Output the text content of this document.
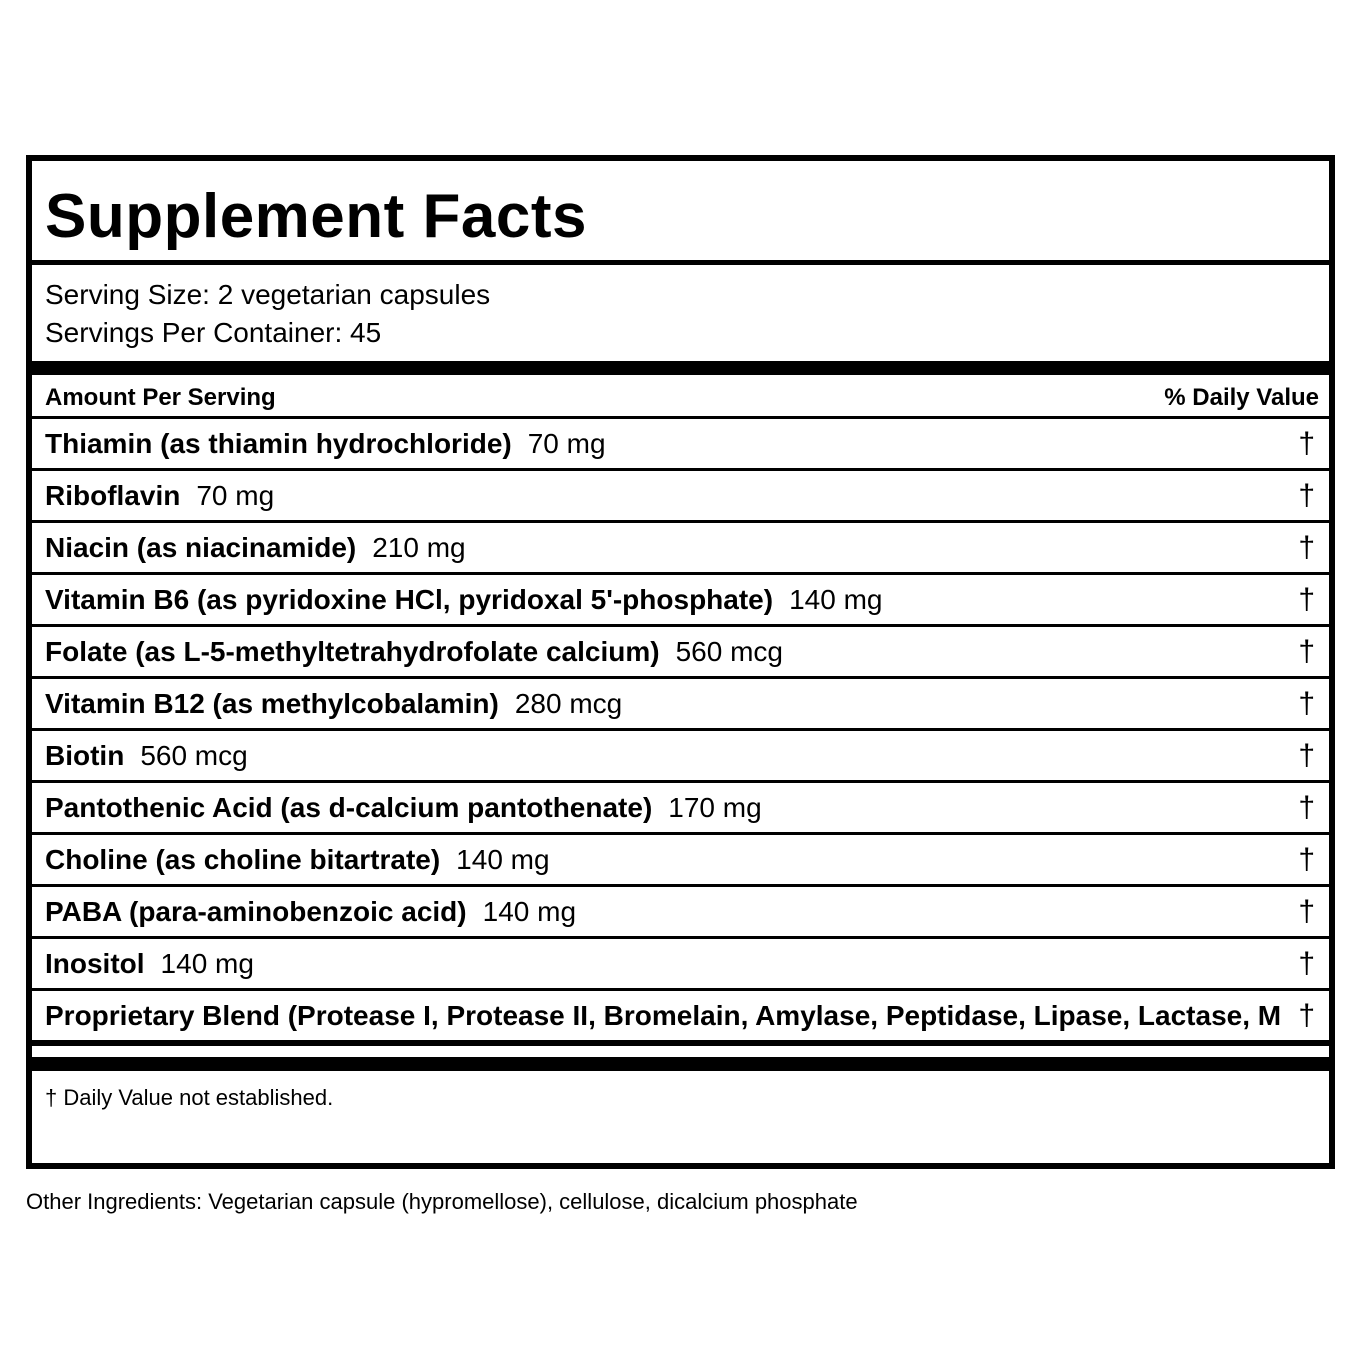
Supplement Facts
Serving Size: 2 vegetarian capsules
Servings Per Container: 45
Amount Per Serving	% Daily Value
Thiamin (as thiamin hydrochloride) 70 mg	†
Riboflavin 70 mg	†
Niacin (as niacinamide) 210 mg	†
Vitamin B6 (as pyridoxine HCl, pyridoxal 5'-phosphate) 140 mg	†
Folate (as L-5-methyltetrahydrofolate calcium) 560 mcg	†
Vitamin B12 (as methylcobalamin) 280 mcg	†
Biotin 560 mcg	†
Pantothenic Acid (as d-calcium pantothenate) 170 mg	†
Choline (as choline bitartrate) 140 mg	†
PABA (para-aminobenzoic acid) 140 mg	†
Inositol 140 mg	†
Proprietary Blend (Protease I, Protease II, Bromelain, Amylase, Peptidase, Lipase, Lactase, M †
† Daily Value not established.
Other Ingredients: Vegetarian capsule (hypromellose), cellulose, dicalcium phosphate
